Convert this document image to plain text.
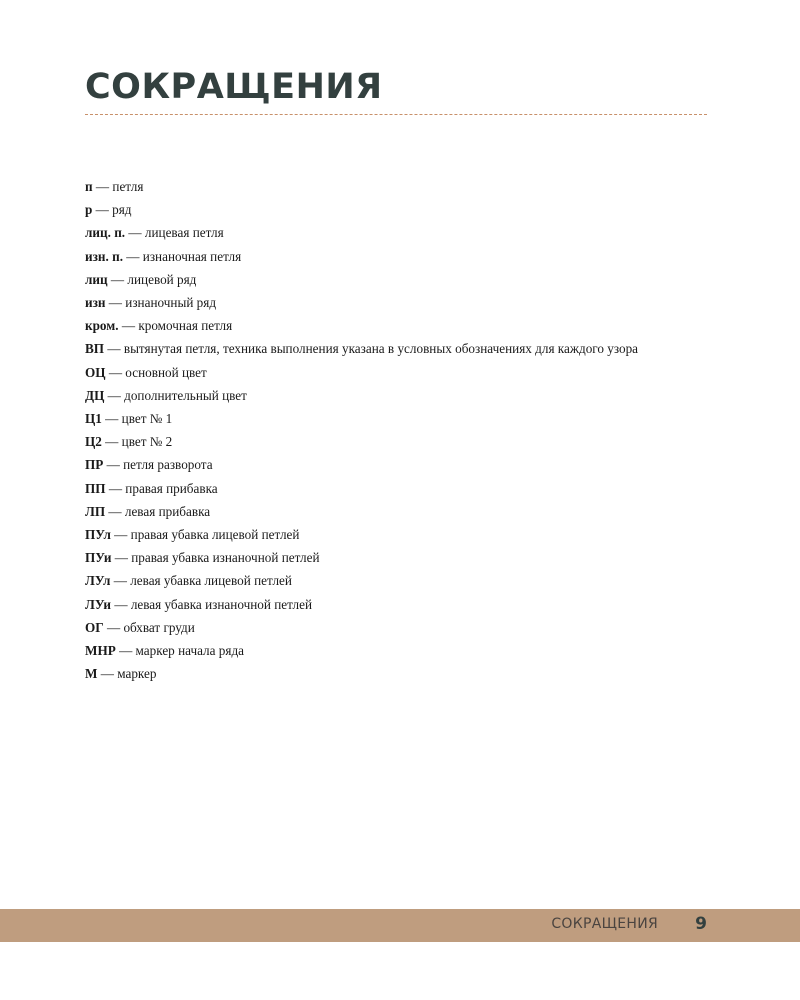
СОКРАЩЕНИЯ
п — петля
р — ряд
лиц. п. — лицевая петля
изн. п. — изнаночная петля
лиц — лицевой ряд
изн — изнаночный ряд
кром. — кромочная петля
ВП — вытянутая петля, техника выполнения указана в условных обозначениях для каждого узора
ОЦ — основной цвет
ДЦ — дополнительный цвет
Ц1 — цвет № 1
Ц2 — цвет № 2
ПР — петля разворота
ПП — правая прибавка
ЛП — левая прибавка
ПУл — правая убавка лицевой петлей
ПУи — правая убавка изнаночной петлей
ЛУл — левая убавка лицевой петлей
ЛУи — левая убавка изнаночной петлей
ОГ — обхват груди
МНР — маркер начала ряда
М — маркер
СОКРАЩЕНИЯ 9
